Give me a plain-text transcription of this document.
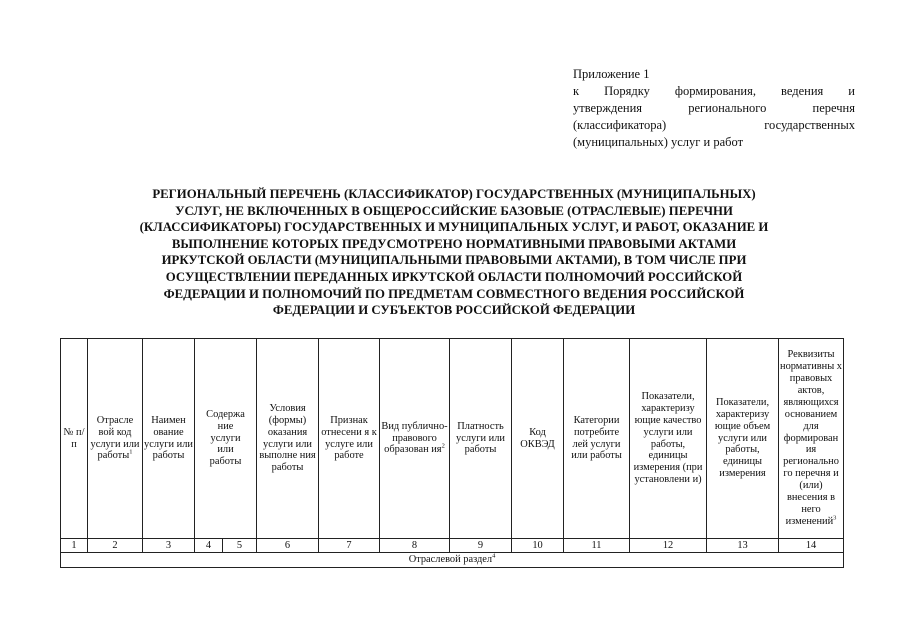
Приложение 1
к Порядку формирования, ведения и
утверждения регионального перечня
(классификатора) государственных
(муниципальных) услуг и работ
РЕГИОНАЛЬНЫЙ ПЕРЕЧЕНЬ (КЛАССИФИКАТОР) ГОСУДАРСТВЕННЫХ (МУНИЦИПАЛЬНЫХ)
УСЛУГ, НЕ ВКЛЮЧЕННЫХ В ОБЩЕРОССИЙСКИЕ БАЗОВЫЕ (ОТРАСЛЕВЫЕ) ПЕРЕЧНИ
(КЛАССИФИКАТОРЫ) ГОСУДАРСТВЕННЫХ И МУНИЦИПАЛЬНЫХ УСЛУГ, И РАБОТ, ОКАЗАНИЕ И
ВЫПОЛНЕНИЕ КОТОРЫХ ПРЕДУСМОТРЕНО НОРМАТИВНЫМИ ПРАВОВЫМИ АКТАМИ
ИРКУТСКОЙ ОБЛАСТИ (МУНИЦИПАЛЬНЫМИ ПРАВОВЫМИ АКТАМИ), В ТОМ ЧИСЛЕ ПРИ
ОСУЩЕСТВЛЕНИИ ПЕРЕДАННЫХ ИРКУТСКОЙ ОБЛАСТИ ПОЛНОМОЧИЙ РОССИЙСКОЙ
ФЕДЕРАЦИИ И ПОЛНОМОЧИЙ ПО ПРЕДМЕТАМ СОВМЕСТНОГО ВЕДЕНИЯ РОССИЙСКОЙ
ФЕДЕРАЦИИ И СУБЪЕКТОВ РОССИЙСКОЙ ФЕДЕРАЦИИ
№ п/п	Отрасле вой код услуги или работы$^1$	Наимен ование услуги или работы	Содержа ние услуги или работы		Условия (формы) оказания услуги или выполне ния работы	Признак отнесени я к услуге или работе	Вид публично-правового образован $ия^2$	Платность услуги или работы	Код ОКВЭД	Категории потребите лей услуги или работы	Показатели, характеризу ющие качество услуги или работы, единицы измерения (при установлени и)	Показатели, характеризу ющие объем услуги или работы, единицы измерения	Реквизиты нормативны х правовых актов, являющихся основанием для формирован ия регионально го перечня и (или) внесения в него изменений$^3$
1	2	3	4	5	6	7	8	9	10	11	12	13	14
Отраслевой раздел$^4$
